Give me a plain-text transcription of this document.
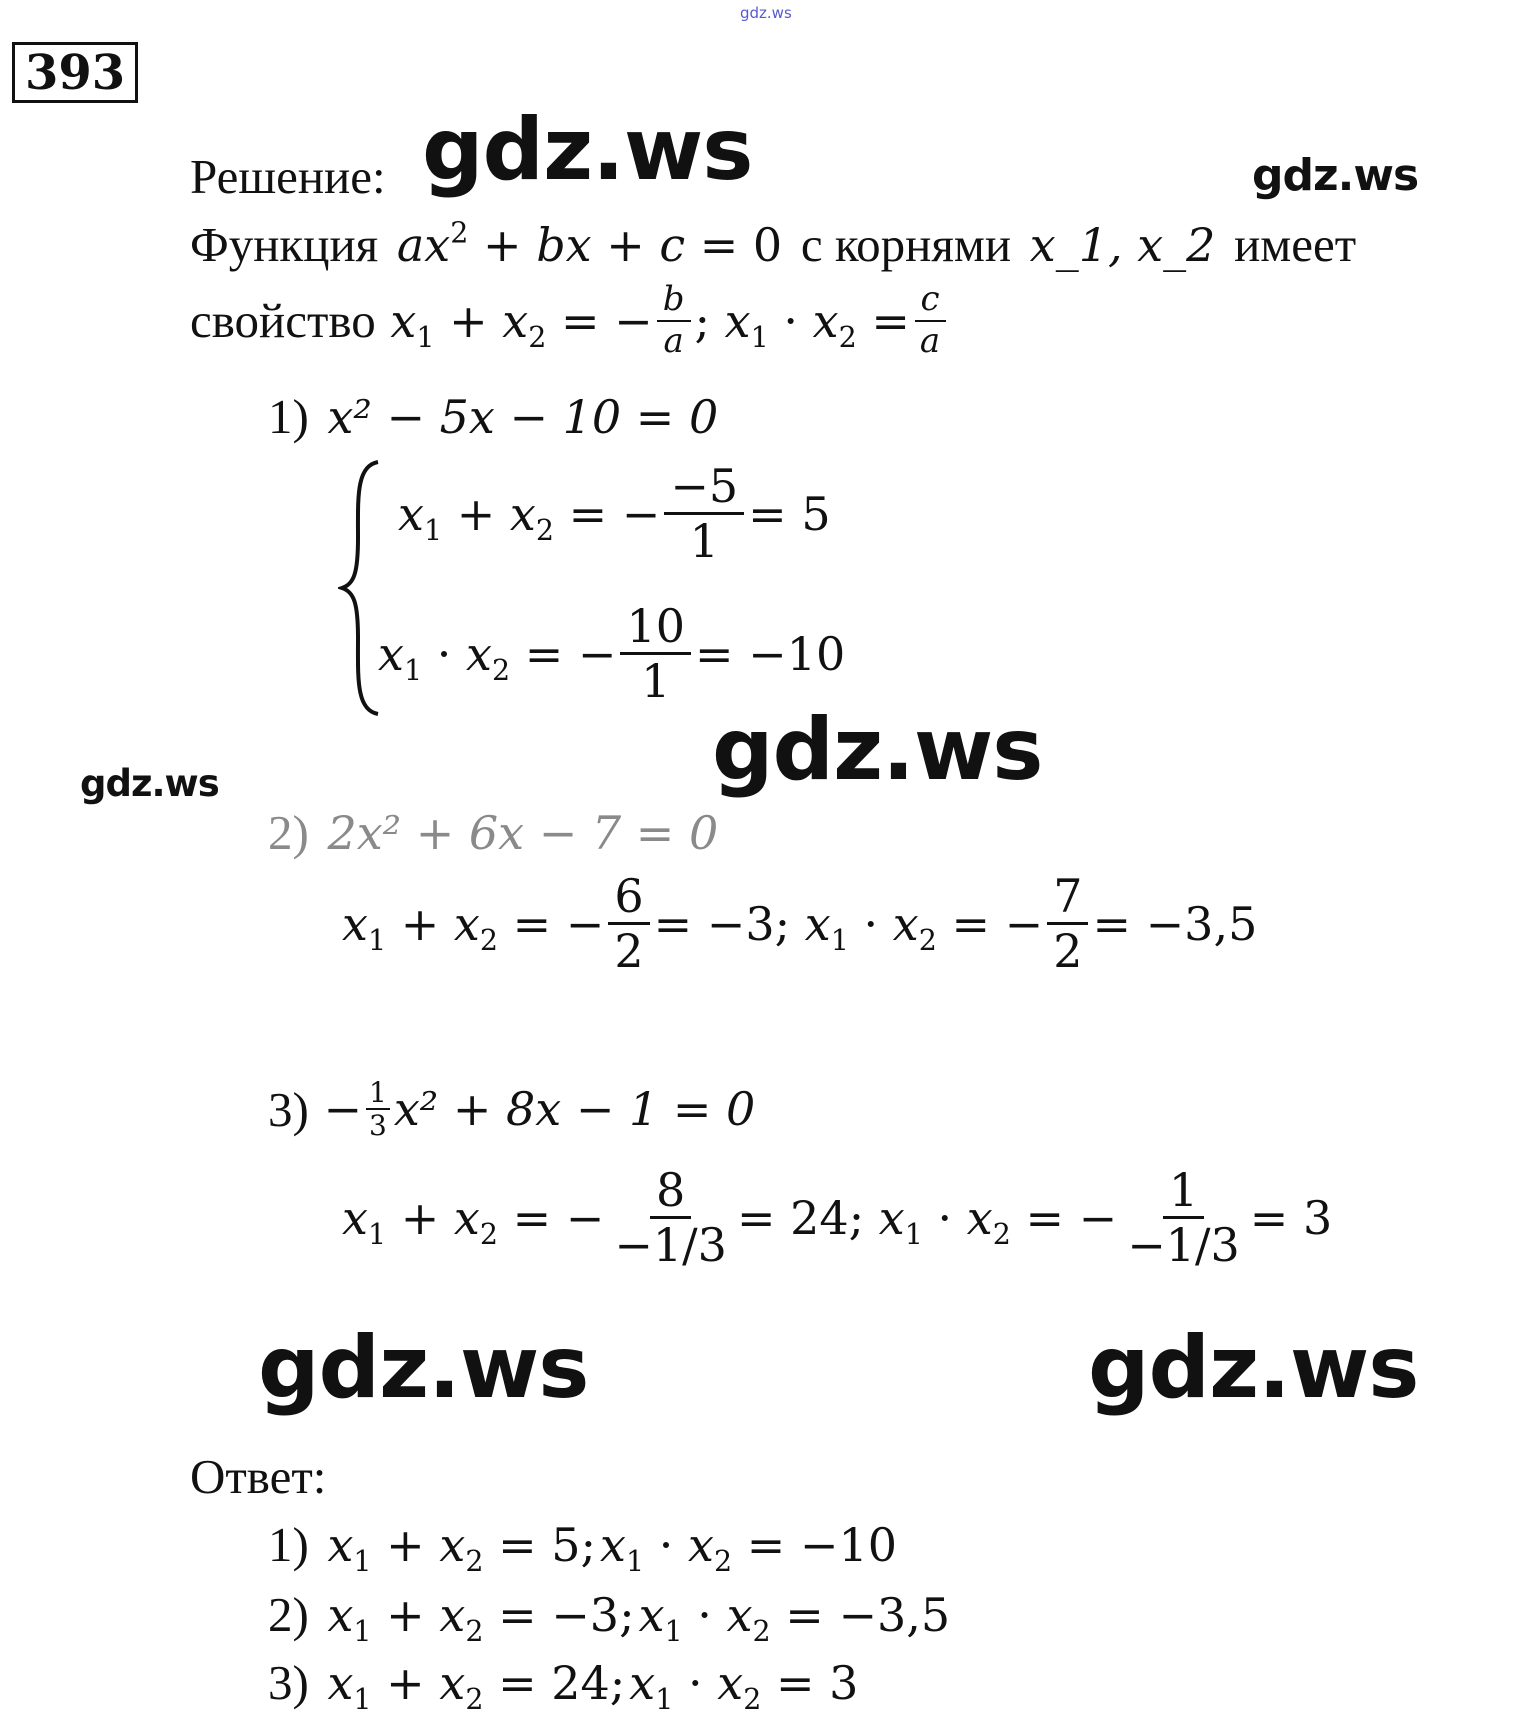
gdz.ws
393
Решение: gdz.ws	gdz.ws
gdz.ws
gdz.ws
gdz.ws	gdz.ws
Функция $ax^2$ + bx + c = 0  с корнями x_1, x_2 имеет
свойство $x_1 + x_2$ = − $\frac{b}{a}$ ; $x_1 \cdot x_2 = \frac{c}{a}$
1) x² − 5x − 10 = 0
$x_1 + x_2$ = − $\frac{-5}{1} = 5$
$x_1 \cdot x_2$ = − $\frac{10}{1} = -10$
2) 2x² + 6x − 7 = 0
$x_1 + x_2$ = − $\frac{6}{2} = -3$; $x_1 \cdot x_2$ = − $\frac{7}{2} = -3,5$
$3) - \frac{1}{3} x^2 + 8x - 1 = 0$
$x_1 + x_2$ = − $\frac{8}{-1/3} = 24$; $x_1 \cdot x_2$ = − $\frac{1}{-1/3} = 3$
Ответ:
1) $x_1 + x_2 = 5$; $x_1 \cdot x_2 = -10$
2) $x_1 + x_2 = -3$; $x_1 \cdot x_2 = -3,5$
3) $x_1 + x_2 = 24$; $x_1 \cdot x_2 = 3$
